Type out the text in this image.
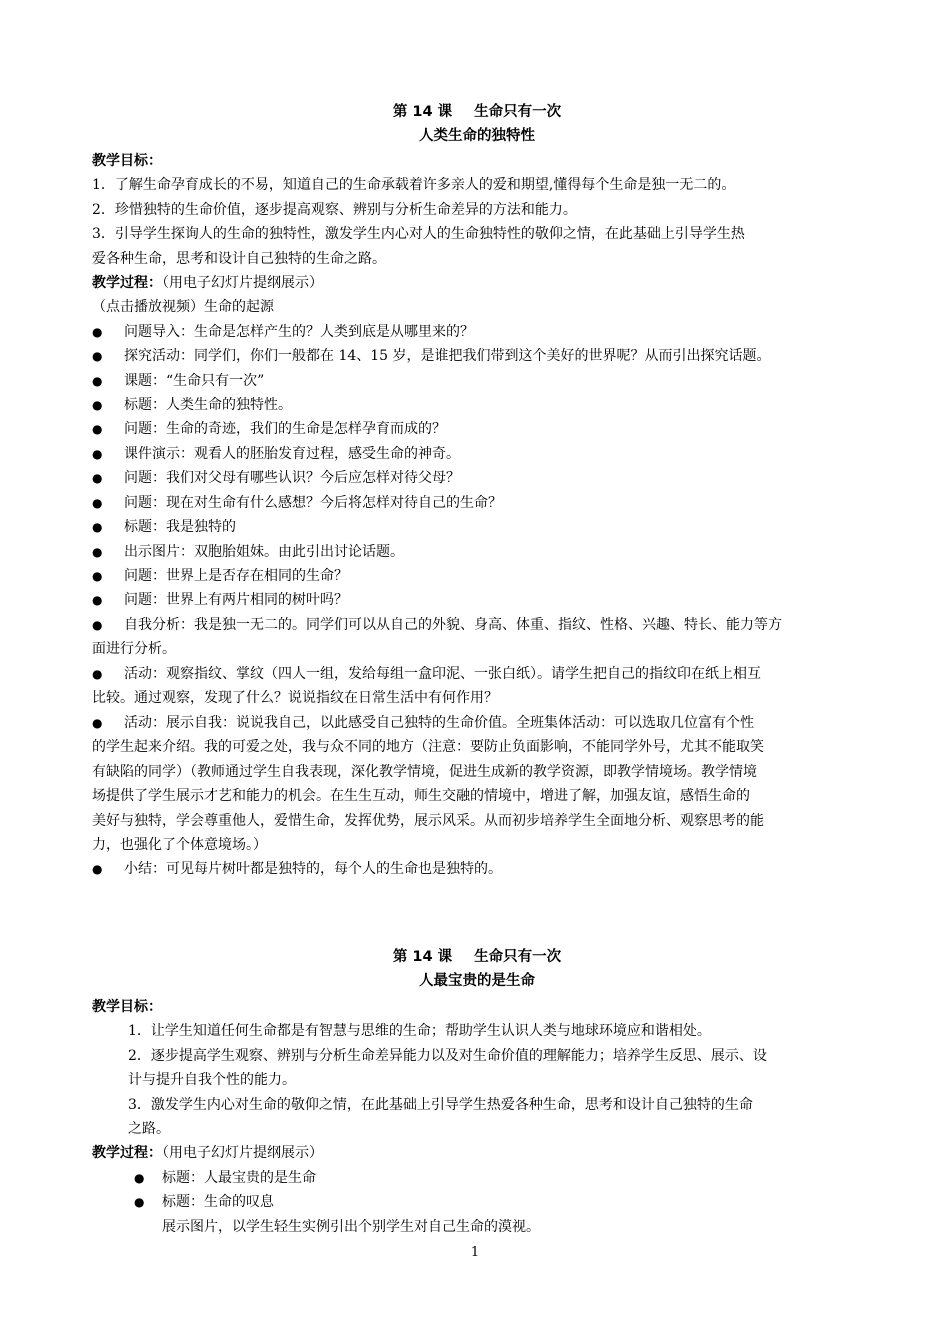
第 14 课 生命只有一次
人类生命的独特性
教学目标：
1．了解生命孕育成长的不易，知道自己的生命承载着许多亲人的爱和期望,懂得每个生命是独一无二的。
2．珍惜独特的生命价值，逐步提高观察、辨别与分析生命差异的方法和能力。
3．引导学生探询人的生命的独特性，激发学生内心对人的生命独特性的敬仰之情，在此基础上引导学生热
爱各种生命，思考和设计自己独特的生命之路。
教学过程：（用电子幻灯片提纲展示）
（点击播放视频）生命的起源
●	问题导入：生命是怎样产生的？人类到底是从哪里来的？
●	探究活动：同学们，你们一般都在 14、15 岁，是谁把我们带到这个美好的世界呢？从而引出探究话题。
●	课题：“生命只有一次”
●	标题：人类生命的独特性。
●	问题：生命的奇迹，我们的生命是怎样孕育而成的？
●	课件演示：观看人的胚胎发育过程，感受生命的神奇。
●	问题：我们对父母有哪些认识？今后应怎样对待父母？
●	问题：现在对生命有什么感想？今后将怎样对待自己的生命？
●	标题：我是独特的
●	出示图片：双胞胎姐妹。由此引出讨论话题。
●	问题：世界上是否存在相同的生命？
●	问题：世界上有两片相同的树叶吗？
● 自我分析：我是独一无二的。同学们可以从自己的外貌、身高、体重、指纹、性格、兴趣、特长、能力等方
面进行分析。
● 活动：观察指纹、掌纹（四人一组，发给每组一盒印泥、一张白纸）。请学生把自己的指纹印在纸上相互
比较。通过观察，发现了什么？说说指纹在日常生活中有何作用？
● 活动：展示自我：说说我自己，以此感受自己独特的生命价值。全班集体活动：可以选取几位富有个性
的学生起来介绍。我的可爱之处，我与众不同的地方（注意：要防止负面影响，不能同学外号，尤其不能取笑
有缺陷的同学）（教师通过学生自我表现，深化教学情境，促进生成新的教学资源，即教学情境场。教学情境
场提供了学生展示才艺和能力的机会。在生生互动，师生交融的情境中，增进了解，加强友谊，感悟生命的
美好与独特，学会尊重他人，爱惜生命，发挥优势，展示风采。从而初步培养学生全面地分析、观察思考的能
力，也强化了个体意境场。）
●	小结：可见每片树叶都是独特的，每个人的生命也是独特的。
第 14 课 生命只有一次
人最宝贵的是生命
教学目标：
1．让学生知道任何生命都是有智慧与思维的生命；帮助学生认识人类与地球环境应和谐相处。
2．逐步提高学生观察、辨别与分析生命差异能力以及对生命价值的理解能力；培养学生反思、展示、设
计与提升自我个性的能力。
3．激发学生内心对生命的敬仰之情，在此基础上引导学生热爱各种生命，思考和设计自己独特的生命
之路。
教学过程：（用电子幻灯片提纲展示）
●	标题：人最宝贵的是生命
●	标题：生命的叹息
展示图片，以学生轻生实例引出个别学生对自己生命的漠视。
1
